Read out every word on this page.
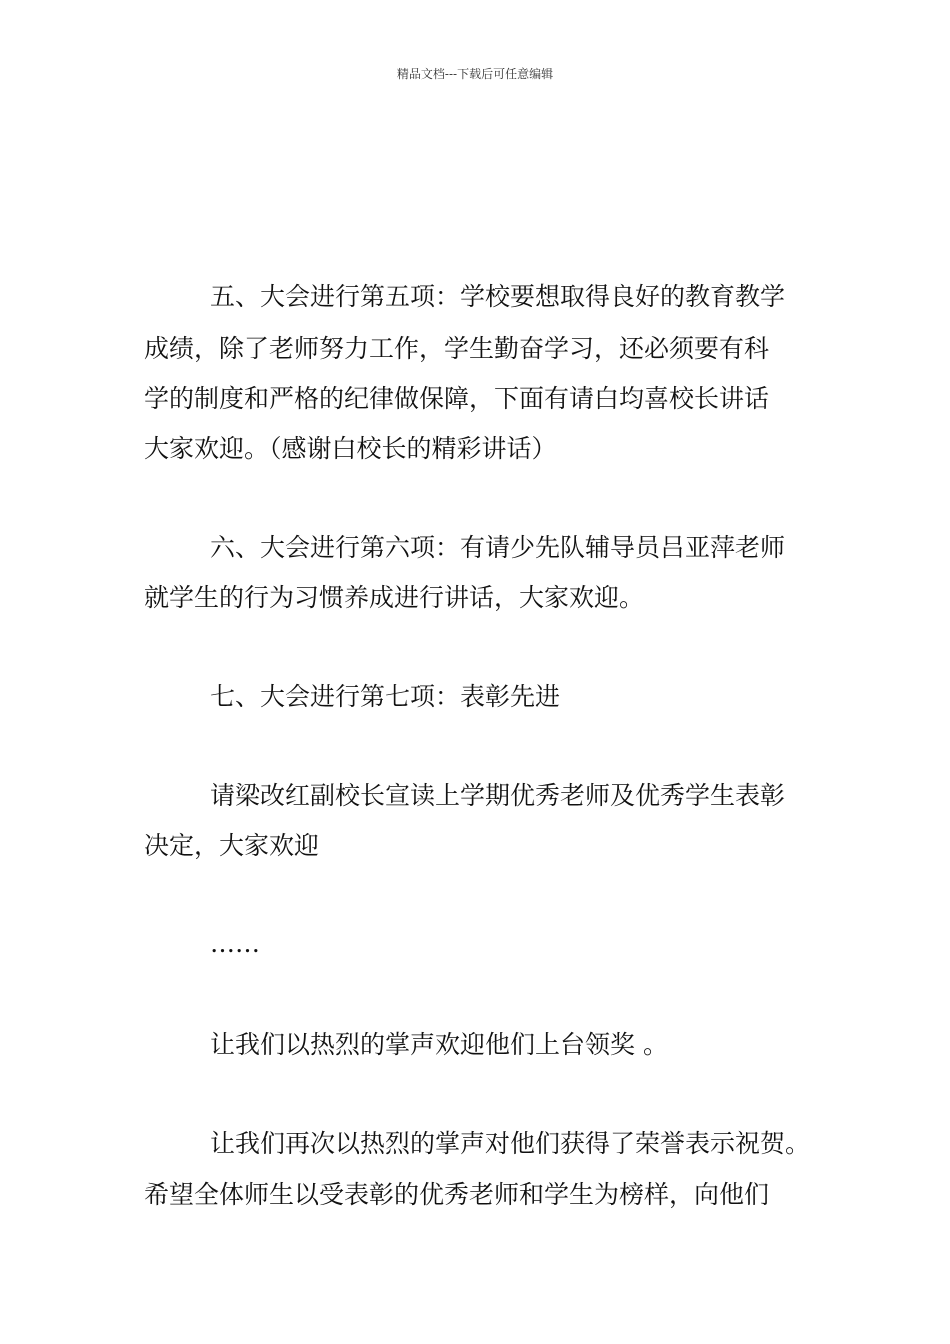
精品文档---下载后可任意编辑
五、大会进行第五项：学校要想取得良好的教育教学
成绩，除了老师努力工作，学生勤奋学习，还必须要有科
学的制度和严格的纪律做保障，下面有请白均喜校长讲话
大家欢迎。（感谢白校长的精彩讲话）
六、大会进行第六项：有请少先队辅导员吕亚萍老师
就学生的行为习惯养成进行讲话，大家欢迎。
七、大会进行第七项：表彰先进
请梁改红副校长宣读上学期优秀老师及优秀学生表彰
决定，大家欢迎
……
让我们以热烈的掌声欢迎他们上台领奖 。
让我们再次以热烈的掌声对他们获得了荣誉表示祝贺。
希望全体师生以受表彰的优秀老师和学生为榜样，向他们
